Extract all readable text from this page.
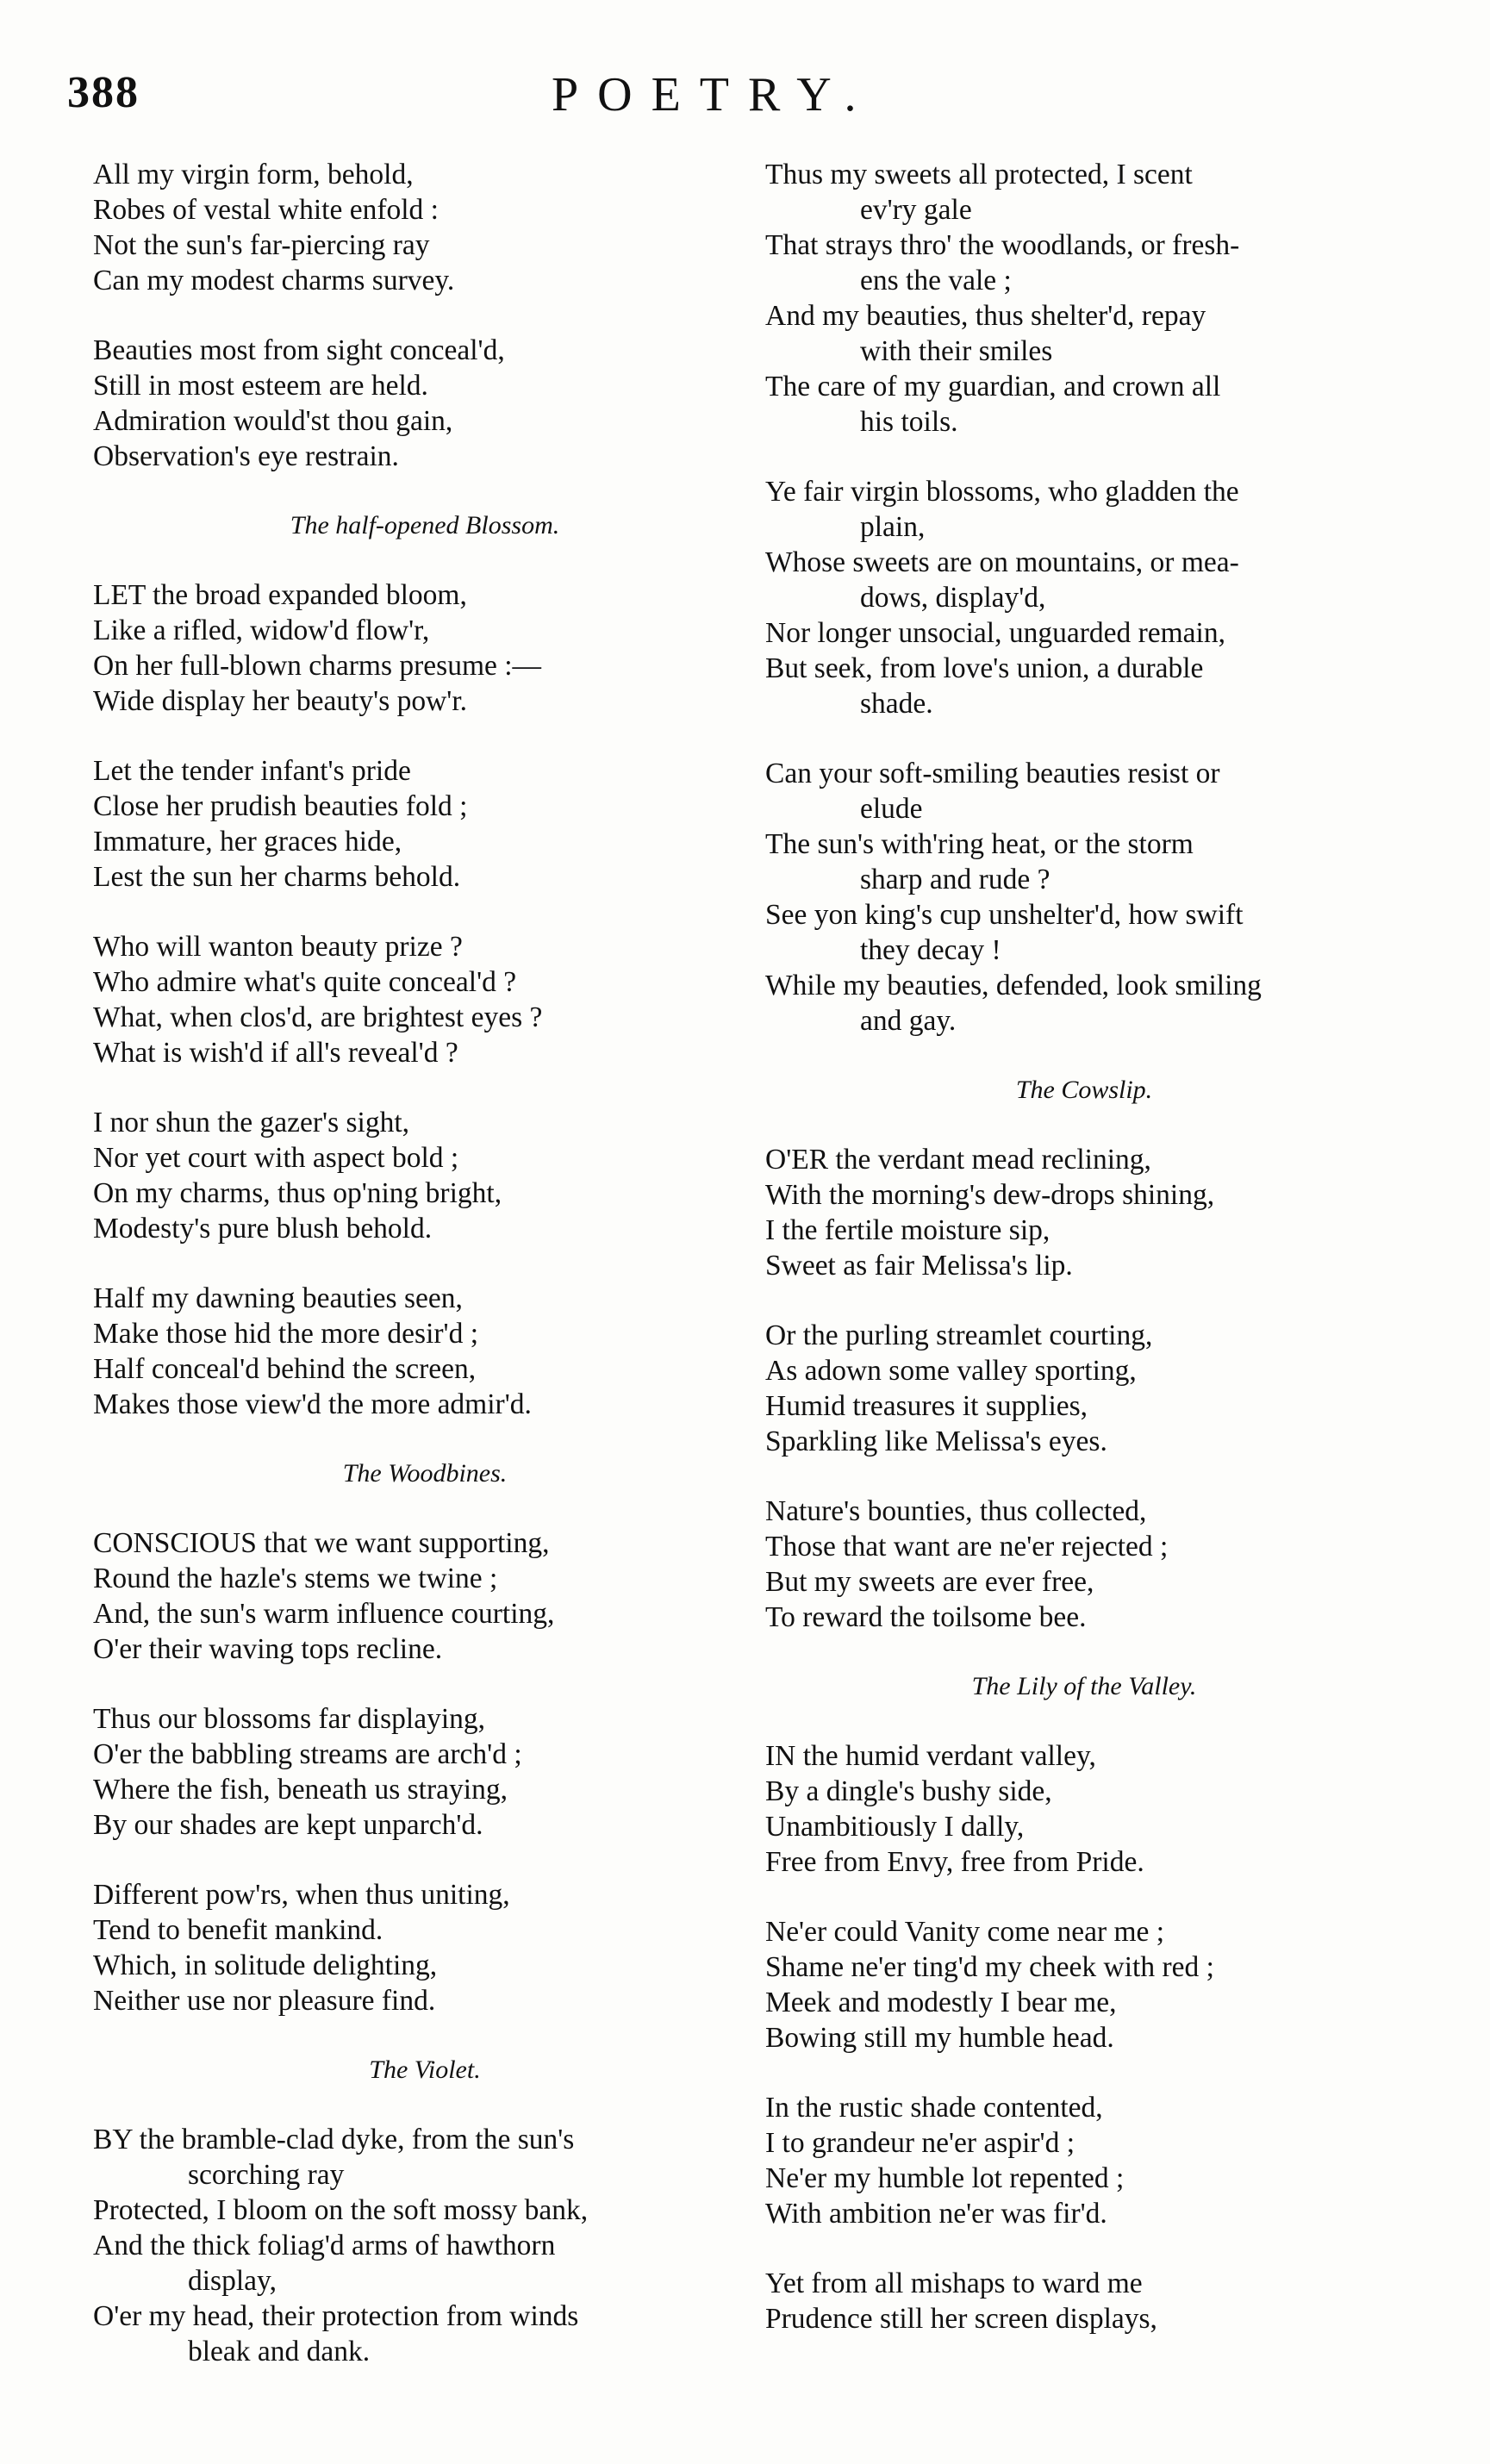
388	POETRY.
All my virgin form, behold,
Robes of vestal white enfold :
Not the sun's far-piercing ray
Can my modest charms survey.
Beauties most from sight conceal'd,
Still in most esteem are held.
Admiration would'st thou gain,
Observation's eye restrain.
The half-opened Blossom.
LET the broad expanded bloom,
Like a rifled, widow'd flow'r,
On her full-blown charms presume :—
Wide display her beauty's pow'r.
Let the tender infant's pride
Close her prudish beauties fold ;
Immature, her graces hide,
Lest the sun her charms behold.
Who will wanton beauty prize ?
Who admire what's quite conceal'd ?
What, when clos'd, are brightest eyes ?
What is wish'd if all's reveal'd ?
I nor shun the gazer's sight,
Nor yet court with aspect bold ;
On my charms, thus op'ning bright,
Modesty's pure blush behold.
Half my dawning beauties seen,
Make those hid the more desir'd ;
Half conceal'd behind the screen,
Makes those view'd the more admir'd.
The Woodbines.
CONSCIOUS that we want supporting,
Round the hazle's stems we twine ;
And, the sun's warm influence courting,
O'er their waving tops recline.
Thus our blossoms far displaying,
O'er the babbling streams are arch'd ;
Where the fish, beneath us straying,
By our shades are kept unparch'd.
Different pow'rs, when thus uniting,
Tend to benefit mankind.
Which, in solitude delighting,
Neither use nor pleasure find.
The Violet.
BY the bramble-clad dyke, from the sun's
scorching ray
Protected, I bloom on the soft mossy bank,
And the thick foliag'd arms of hawthorn
display,
O'er my head, their protection from winds
bleak and dank.
Thus my sweets all protected, I scent
ev'ry gale
That strays thro' the woodlands, or fresh-
ens the vale ;
And my beauties, thus shelter'd, repay
with their smiles
The care of my guardian, and crown all
his toils.
Ye fair virgin blossoms, who gladden the
plain,
Whose sweets are on mountains, or mea-
dows, display'd,
Nor longer unsocial, unguarded remain,
But seek, from love's union, a durable
shade.
Can your soft-smiling beauties resist or
elude
The sun's with'ring heat, or the storm
sharp and rude ?
See yon king's cup unshelter'd, how swift
they decay !
While my beauties, defended, look smiling
and gay.
The Cowslip.
O'ER the verdant mead reclining,
With the morning's dew-drops shining,
I the fertile moisture sip,
Sweet as fair Melissa's lip.
Or the purling streamlet courting,
As adown some valley sporting,
Humid treasures it supplies,
Sparkling like Melissa's eyes.
Nature's bounties, thus collected,
Those that want are ne'er rejected ;
But my sweets are ever free,
To reward the toilsome bee.
The Lily of the Valley.
IN the humid verdant valley,
By a dingle's bushy side,
Unambitiously I dally,
Free from Envy, free from Pride.
Ne'er could Vanity come near me ;
Shame ne'er ting'd my cheek with red ;
Meek and modestly I bear me,
Bowing still my humble head.
In the rustic shade contented,
I to grandeur ne'er aspir'd ;
Ne'er my humble lot repented ;
With ambition ne'er was fir'd.
Yet from all mishaps to ward me
Prudence still her screen displays,
